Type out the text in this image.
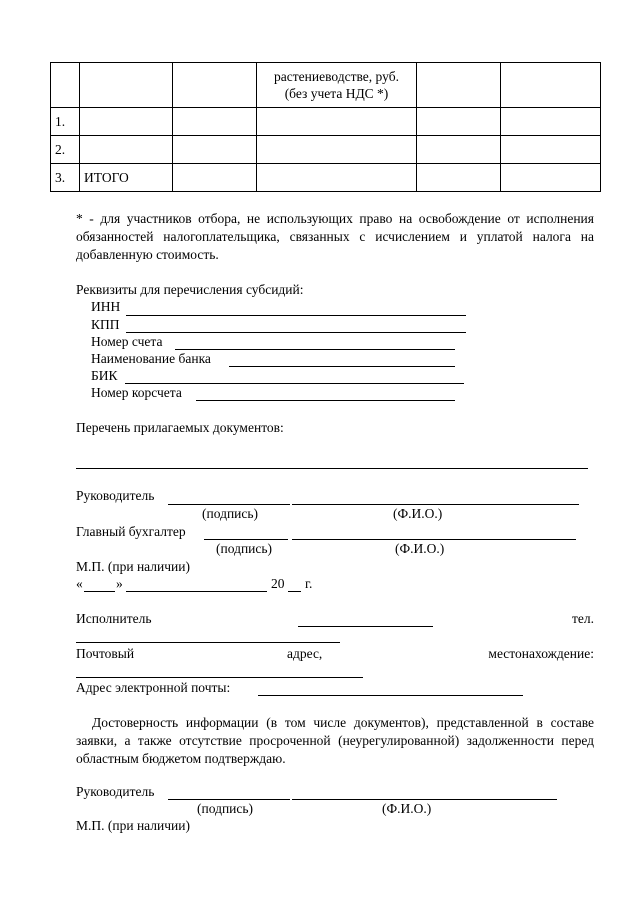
			растениеводстве, руб.
(без учета НДС *)		
1.					
2.					
3.	ИТОГО				
* - для участников отбора, не использующих право на освобождение от исполнения обязанностей налогоплательщика, связанных с исчислением и уплатой налога на добавленную стоимость.
Реквизиты для перечисления субсидий:
ИНН
КПП
Номер счета
Наименование банка
БИК
Номер корсчета
Перечень прилагаемых документов:
Руководитель
(подпись)	(Ф.И.О.)
Главный бухгалтер
(подпись)	(Ф.И.О.)
М.П. (при наличии)
« »	20 г.
Исполнитель	тел.
Почтовый	адрес,	местонахождение:
Адрес электронной почты:
Достоверность информации (в том числе документов), представленной в составе заявки, а также отсутствие просроченной (неурегулированной) задолженности перед областным бюджетом подтверждаю.
Руководитель
(подпись)	(Ф.И.О.)
М.П. (при наличии)
